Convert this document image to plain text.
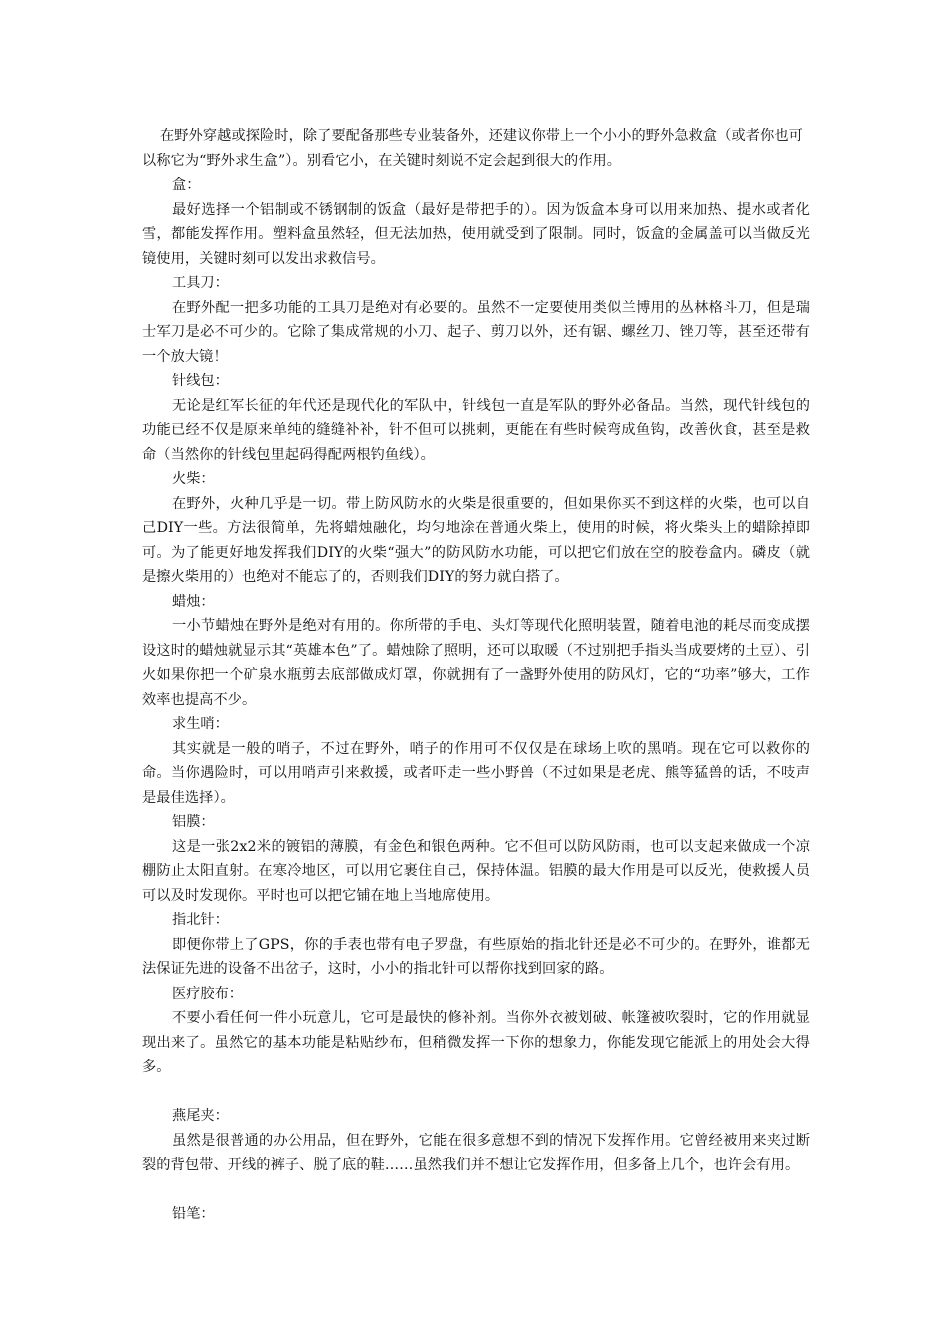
在野外穿越或探险时，除了要配备那些专业装备外，还建议你带上一个小小的野外急救盒（或者你也可以称它为“野外求生盒”）。别看它小，在关键时刻说不定会起到很大的作用。

盒：

最好选择一个铝制或不锈钢制的饭盒（最好是带把手的）。因为饭盒本身可以用来加热、提水或者化雪，都能发挥作用。塑料盒虽然轻，但无法加热，使用就受到了限制。同时，饭盒的金属盖可以当做反光镜使用，关键时刻可以发出求救信号。

工具刀：

在野外配一把多功能的工具刀是绝对有必要的。虽然不一定要使用类似兰博用的丛林格斗刀，但是瑞士军刀是必不可少的。它除了集成常规的小刀、起子、剪刀以外，还有锯、螺丝刀、锉刀等，甚至还带有一个放大镜！

针线包：

无论是红军长征的年代还是现代化的军队中，针线包一直是军队的野外必备品。当然，现代针线包的功能已经不仅是原来单纯的缝缝补补，针不但可以挑刺，更能在有些时候弯成鱼钩，改善伙食，甚至是救命（当然你的针线包里起码得配两根钓鱼线）。

火柴：

在野外，火种几乎是一切。带上防风防水的火柴是很重要的，但如果你买不到这样的火柴，也可以自己DIY一些。方法很简单，先将蜡烛融化，均匀地涂在普通火柴上，使用的时候，将火柴头上的蜡除掉即可。为了能更好地发挥我们DIY的火柴“强大”的防风防水功能，可以把它们放在空的胶卷盒内。磷皮（就是擦火柴用的）也绝对不能忘了的，否则我们DIY的努力就白搭了。

蜡烛：

一小节蜡烛在野外是绝对有用的。你所带的手电、头灯等现代化照明装置，随着电池的耗尽而变成摆设这时的蜡烛就显示其“英雄本色”了。蜡烛除了照明，还可以取暖（不过别把手指头当成要烤的土豆）、引火如果你把一个矿泉水瓶剪去底部做成灯罩，你就拥有了一盏野外使用的防风灯，它的“功率”够大，工作效率也提高不少。

求生哨：

其实就是一般的哨子，不过在野外，哨子的作用可不仅仅是在球场上吹的黑哨。现在它可以救你的命。当你遇险时，可以用哨声引来救援，或者吓走一些小野兽（不过如果是老虎、熊等猛兽的话，不吱声是最佳选择）。

铝膜：

这是一张2x2米的镀铝的薄膜，有金色和银色两种。它不但可以防风防雨，也可以支起来做成一个凉棚防止太阳直射。在寒冷地区，可以用它裹住自己，保持体温。铝膜的最大作用是可以反光，使救援人员可以及时发现你。平时也可以把它铺在地上当地席使用。

指北针：

即便你带上了GPS，你的手表也带有电子罗盘，有些原始的指北针还是必不可少的。在野外，谁都无法保证先进的设备不出岔子，这时，小小的指北针可以帮你找到回家的路。

医疗胶布：

不要小看任何一件小玩意儿，它可是最快的修补剂。当你外衣被划破、帐篷被吹裂时，它的作用就显现出来了。虽然它的基本功能是粘贴纱布，但稍微发挥一下你的想象力，你能发现它能派上的用处会大得多。

燕尾夹：

虽然是很普通的办公用品，但在野外，它能在很多意想不到的情况下发挥作用。它曾经被用来夹过断裂的背包带、开线的裤子、脱了底的鞋……虽然我们并不想让它发挥作用，但多备上几个，也许会有用。

铅笔：
